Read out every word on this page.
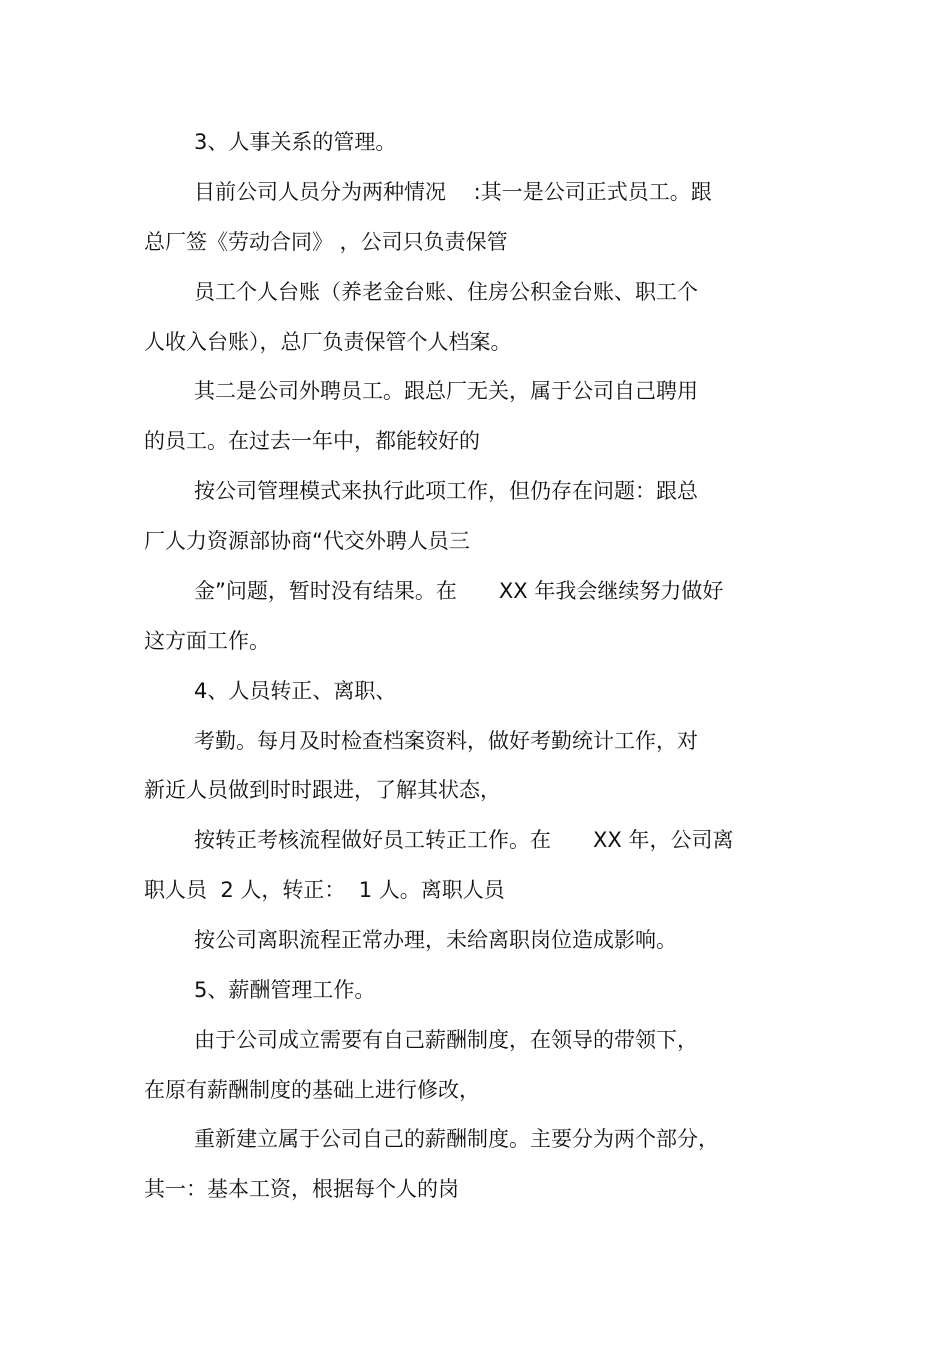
3、人事关系的管理。
目前公司人员分为两种情况　 :其一是公司正式员工。跟
总厂签《劳动合同》 ，公司只负责保管
员工个人台账（养老金台账、住房公积金台账、职工个
人收入台账），总厂负责保管个人档案。
其二是公司外聘员工。跟总厂无关，属于公司自己聘用
的员工。在过去一年中，都能较好的
按公司管理模式来执行此项工作，但仍存在问题：跟总
厂人力资源部协商“代交外聘人员三
金”问题，暂时没有结果。在　　XX 年我会继续努力做好
这方面工作。
4、人员转正、离职、
考勤。每月及时检查档案资料，做好考勤统计工作，对
新近人员做到时时跟进，了解其状态，
按转正考核流程做好员工转正工作。在　　XX 年，公司离
职人员  2 人，转正：  1 人。离职人员
按公司离职流程正常办理，未给离职岗位造成影响。
5、薪酬管理工作。
由于公司成立需要有自己薪酬制度，在领导的带领下，
在原有薪酬制度的基础上进行修改，
重新建立属于公司自己的薪酬制度。主要分为两个部分，
其一：基本工资，根据每个人的岗
